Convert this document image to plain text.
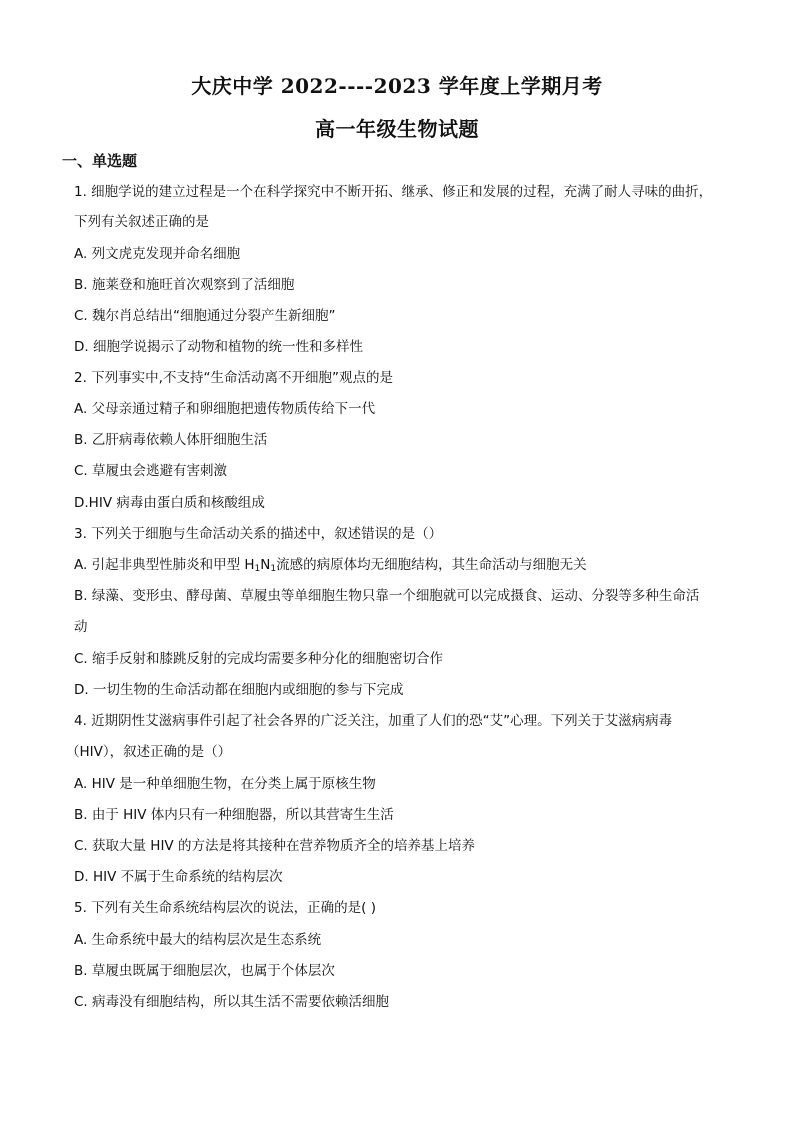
大庆中学 2022----2023 学年度上学期月考
高一年级生物试题
一、单选题
1. 细胞学说的建立过程是一个在科学探究中不断开拓、继承、修正和发展的过程，充满了耐人寻味的曲折，
下列有关叙述正确的是
A. 列文虎克发现并命名细胞
B. 施莱登和施旺首次观察到了活细胞
C. 魏尔肖总结出“细胞通过分裂产生新细胞”
D. 细胞学说揭示了动物和植物的统一性和多样性
2. 下列事实中,不支持“生命活动离不开细胞”观点的是
A. 父母亲通过精子和卵细胞把遗传物质传给下一代
B. 乙肝病毒依赖人体肝细胞生活
C. 草履虫会逃避有害刺激
D.HIV 病毒由蛋白质和核酸组成
3. 下列关于细胞与生命活动关系的描述中，叙述错误的是（）
A. 引起非典型性肺炎和甲型 $H_1N_1$流感的病原体均无细胞结构，其生命活动与细胞无关
B. 绿藻、变形虫、酵母菌、草履虫等单细胞生物只靠一个细胞就可以完成摄食、运动、分裂等多种生命活
动
C. 缩手反射和膝跳反射的完成均需要多种分化的细胞密切合作
D. 一切生物的生命活动都在细胞内或细胞的参与下完成
4. 近期阴性艾滋病事件引起了社会各界的广泛关注，加重了人们的恐“艾”心理。下列关于艾滋病病毒
（HIV），叙述正确的是（）
A. HIV 是一种单细胞生物，在分类上属于原核生物
B. 由于 HIV 体内只有一种细胞器，所以其营寄生生活
C. 获取大量 HIV 的方法是将其接种在营养物质齐全的培养基上培养
D. HIV 不属于生命系统的结构层次
5. 下列有关生命系统结构层次的说法，正确的是( )
A. 生命系统中最大的结构层次是生态系统
B. 草履虫既属于细胞层次，也属于个体层次
C. 病毒没有细胞结构，所以其生活不需要依赖活细胞
